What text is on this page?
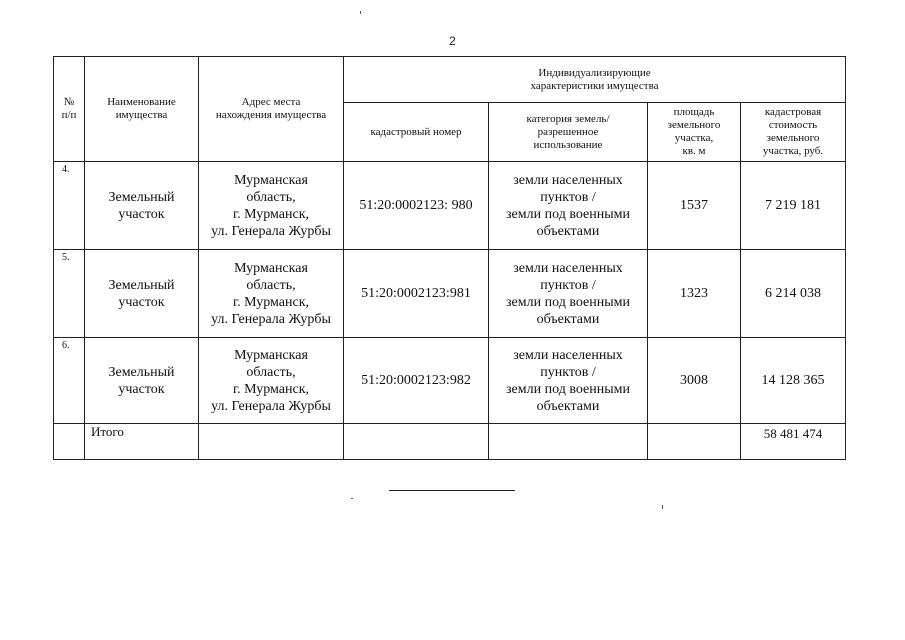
2
№
п/п	Наименование
имущества	Адрес места
нахождения имущества	Индивидуализирующие
характеристики имущества			
			кадастровый номер	категория земель/
разрешенное
использование	площадь
земельного
участка,
кв. м	кадастровая
стоимость
земельного
участка, руб.
4.	Земельный
участок	Мурманская
область,
г. Мурманск,
ул. Генерала Журбы	51:20:0002123: 980	земли населенных
пунктов /
земли под военными
объектами	1537	7 219 181
5.	Земельный
участок	Мурманская
область,
г. Мурманск,
ул. Генерала Журбы	51:20:0002123:981	земли населенных
пунктов /
земли под военными
объектами	1323	6 214 038
6.	Земельный
участок	Мурманская
область,
г. Мурманск,
ул. Генерала Журбы	51:20:0002123:982	земли населенных
пунктов /
земли под военными
объектами	3008	14 128 365
	Итого					58 481 474
